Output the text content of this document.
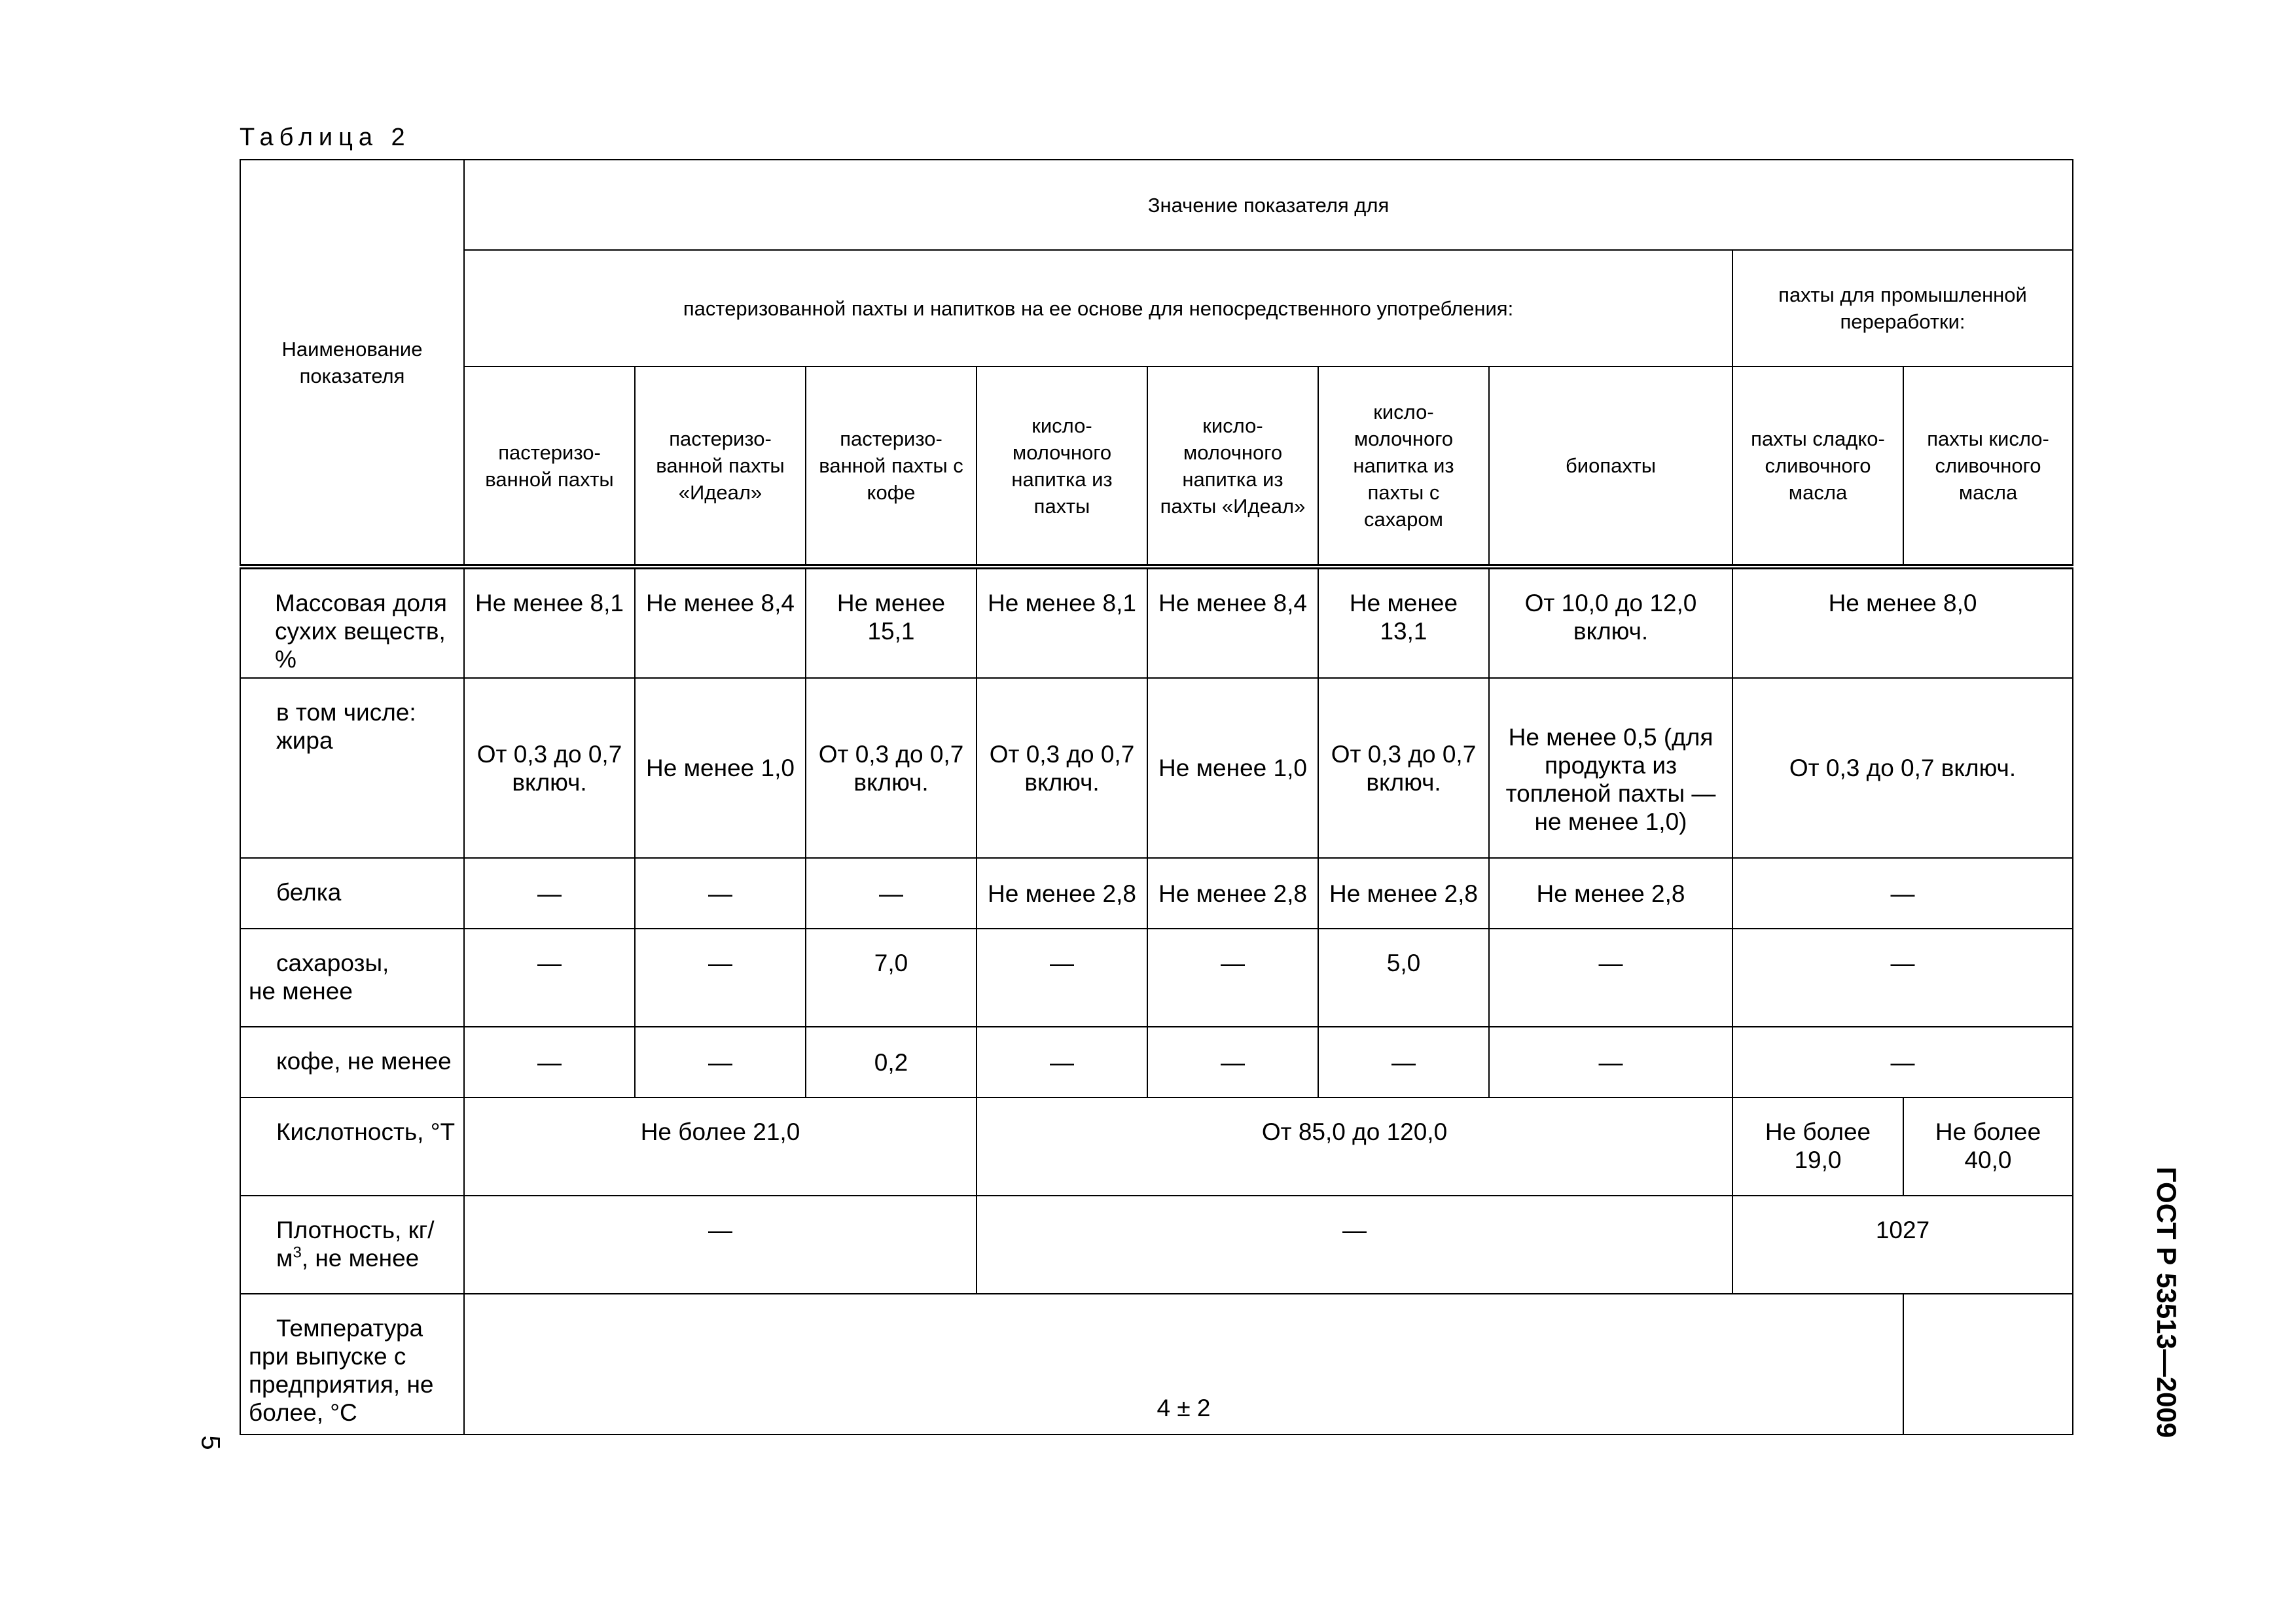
Таблица 2
Наименование показателя	Значение показателя для								
	пастеризованной пахты и напитков на ее основе для непосредственного употребления:							пахты для промышленной переработки:	
	пастеризо-ванной пахты	пастеризо-ванной пахты «Идеал»	пастеризо-ванной пахты с кофе	кисло-молочного напитка из пахты	кисло-молочного напитка из пахты «Идеал»	кисло-молочного напитка из пахты с сахаром	биопахты	пахты сладко-сливочного масла	пахты кисло-сливочного масла
Массовая доля сухих веществ, %	Не менее 8,1	Не менее 8,4	Не менее 15,1	Не менее 8,1	Не менее 8,4	Не менее 13,1	От 10,0 до 12,0 включ.	Не менее 8,0	
в том числе:
жира	От 0,3 до 0,7 включ.	Не менее 1,0	От 0,3 до 0,7 включ.	От 0,3 до 0,7 включ.	Не менее 1,0	От 0,3 до 0,7 включ.	Не менее 0,5 (для продукта из топленой пахты — не менее 1,0)	От 0,3 до 0,7 включ.	
белка	—	—	—	Не менее 2,8	Не менее 2,8	Не менее 2,8	Не менее 2,8	—	
сахарозы,
не менее	—	—	7,0	—	—	5,0	—	—	
кофе, не менее	—	—	0,2	—	—	—	—	—	
Кислотность, °Т	Не более 21,0			От 85,0 до 120,0				Не более 19,0	Не более 40,0
Плотность, $кг/м^3$, не менее	—			—				1027	

Температура при выпуске с предприятия, не более, °С	4 ± 2								
5
ГОСТ Р 53513—2009
